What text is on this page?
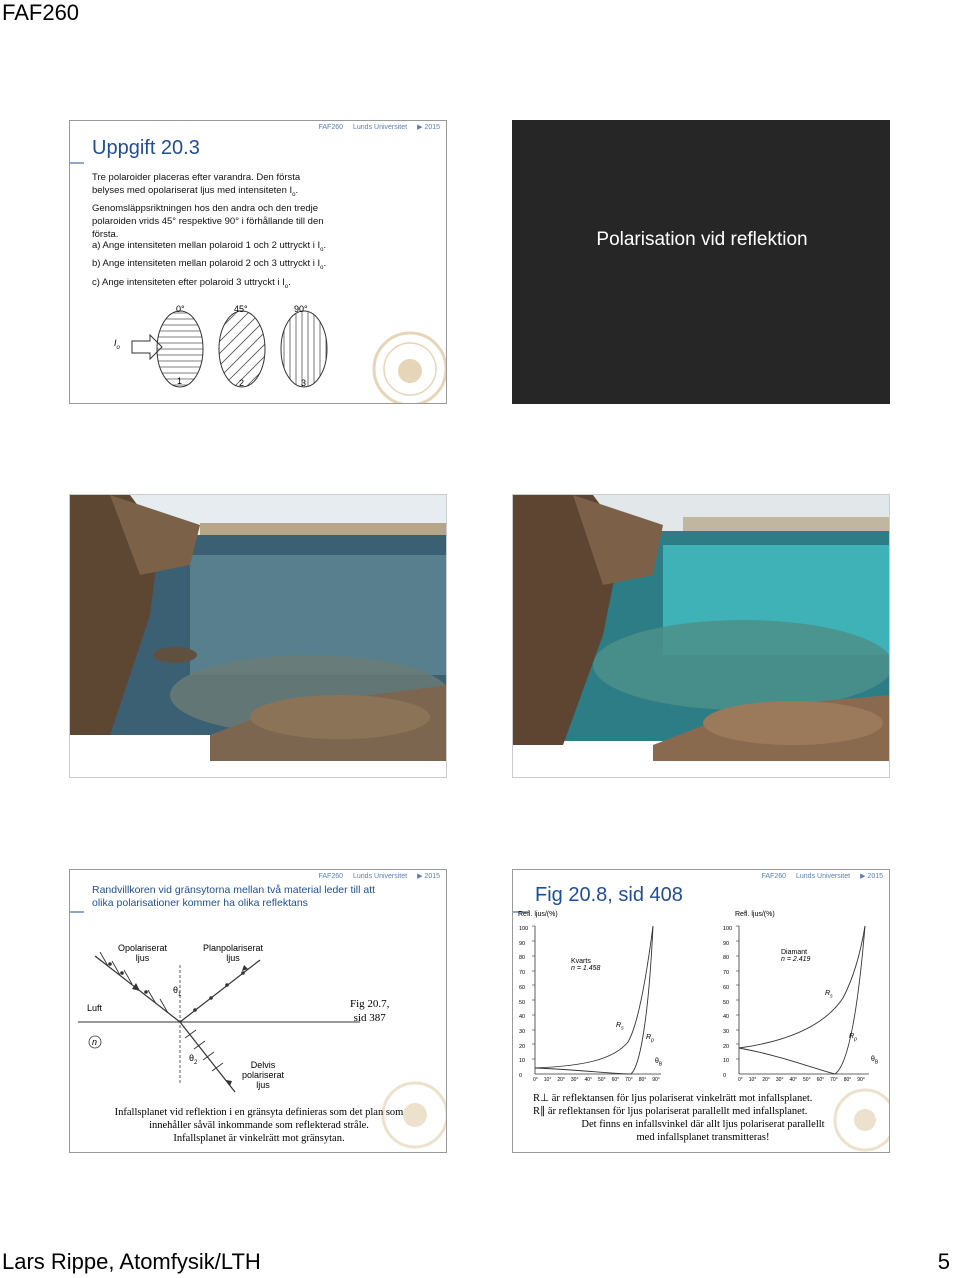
FAF260
Lars Rippe, Atomfysik/LTH	5
FAF260 Lunds Universitet ▶ 2015
Uppgift 20.3
Tre polaroider placeras efter varandra. Den första
belyses med opolariserat ljus med intensiteten $I_o$.
Genomsläppsriktningen hos den andra och den tredje
polaroiden vrids 45° respektive 90° i förhållande till den
första.
a) Ange intensiteten mellan polaroid 1 och 2 uttryckt i $I_o$.
b) Ange intensiteten mellan polaroid 2 och 3 uttryckt i $I_o$.
c) Ange intensiteten efter polaroid 3 uttryckt i $I_o$.
0°	45°	90°
$I_o$
1	2	3
Polarisation vid reflektion
FAF260 Lunds Universitet ▶ 2015
Randvillkoren vid gränsytorna mellan två material leder till att
olika polarisationer kommer ha olika reflektans
Opolariserat
ljus
Planpolariserat
ljus
Luft
n
$\theta_1$
$\theta_2$	Delvis
polariserat
ljus
Fig 20.7,
sid 387
Infallsplanet vid reflektion i en gränsyta definieras som det plan som
innehåller såväl inkommande som reflekterad stråle.
Infallsplanet är vinkelrätt mot gränsytan.
FAF260 Lunds Universitet ▶ 2015
Fig 20.8, sid 408
Refl. ljus/(%)
100
90
80
70
60
50
40
30
20
10
0
0° 10° 20° 30° 40° 50° 60° 70° 80° 90°
Kvarts
n = 1.458
$R_s$
$R_p$
$\theta_B$
Refl. ljus/(%)
100
90
80
70
60
50
40
30
20
10
0
0° 10° 20° 30° 40° 50° 60° 70° 80° 90°
Diamant
n = 2.419
$R_s$
$R_p$
$\theta_B$
R⊥ är reflektansen för ljus polariserat vinkelrätt mot infallsplanet.
R∥ är reflektansen för ljus polariserat parallellt med infallsplanet.
Det finns en infallsvinkel där allt ljus polariserat parallellt
med infallsplanet transmitteras!
